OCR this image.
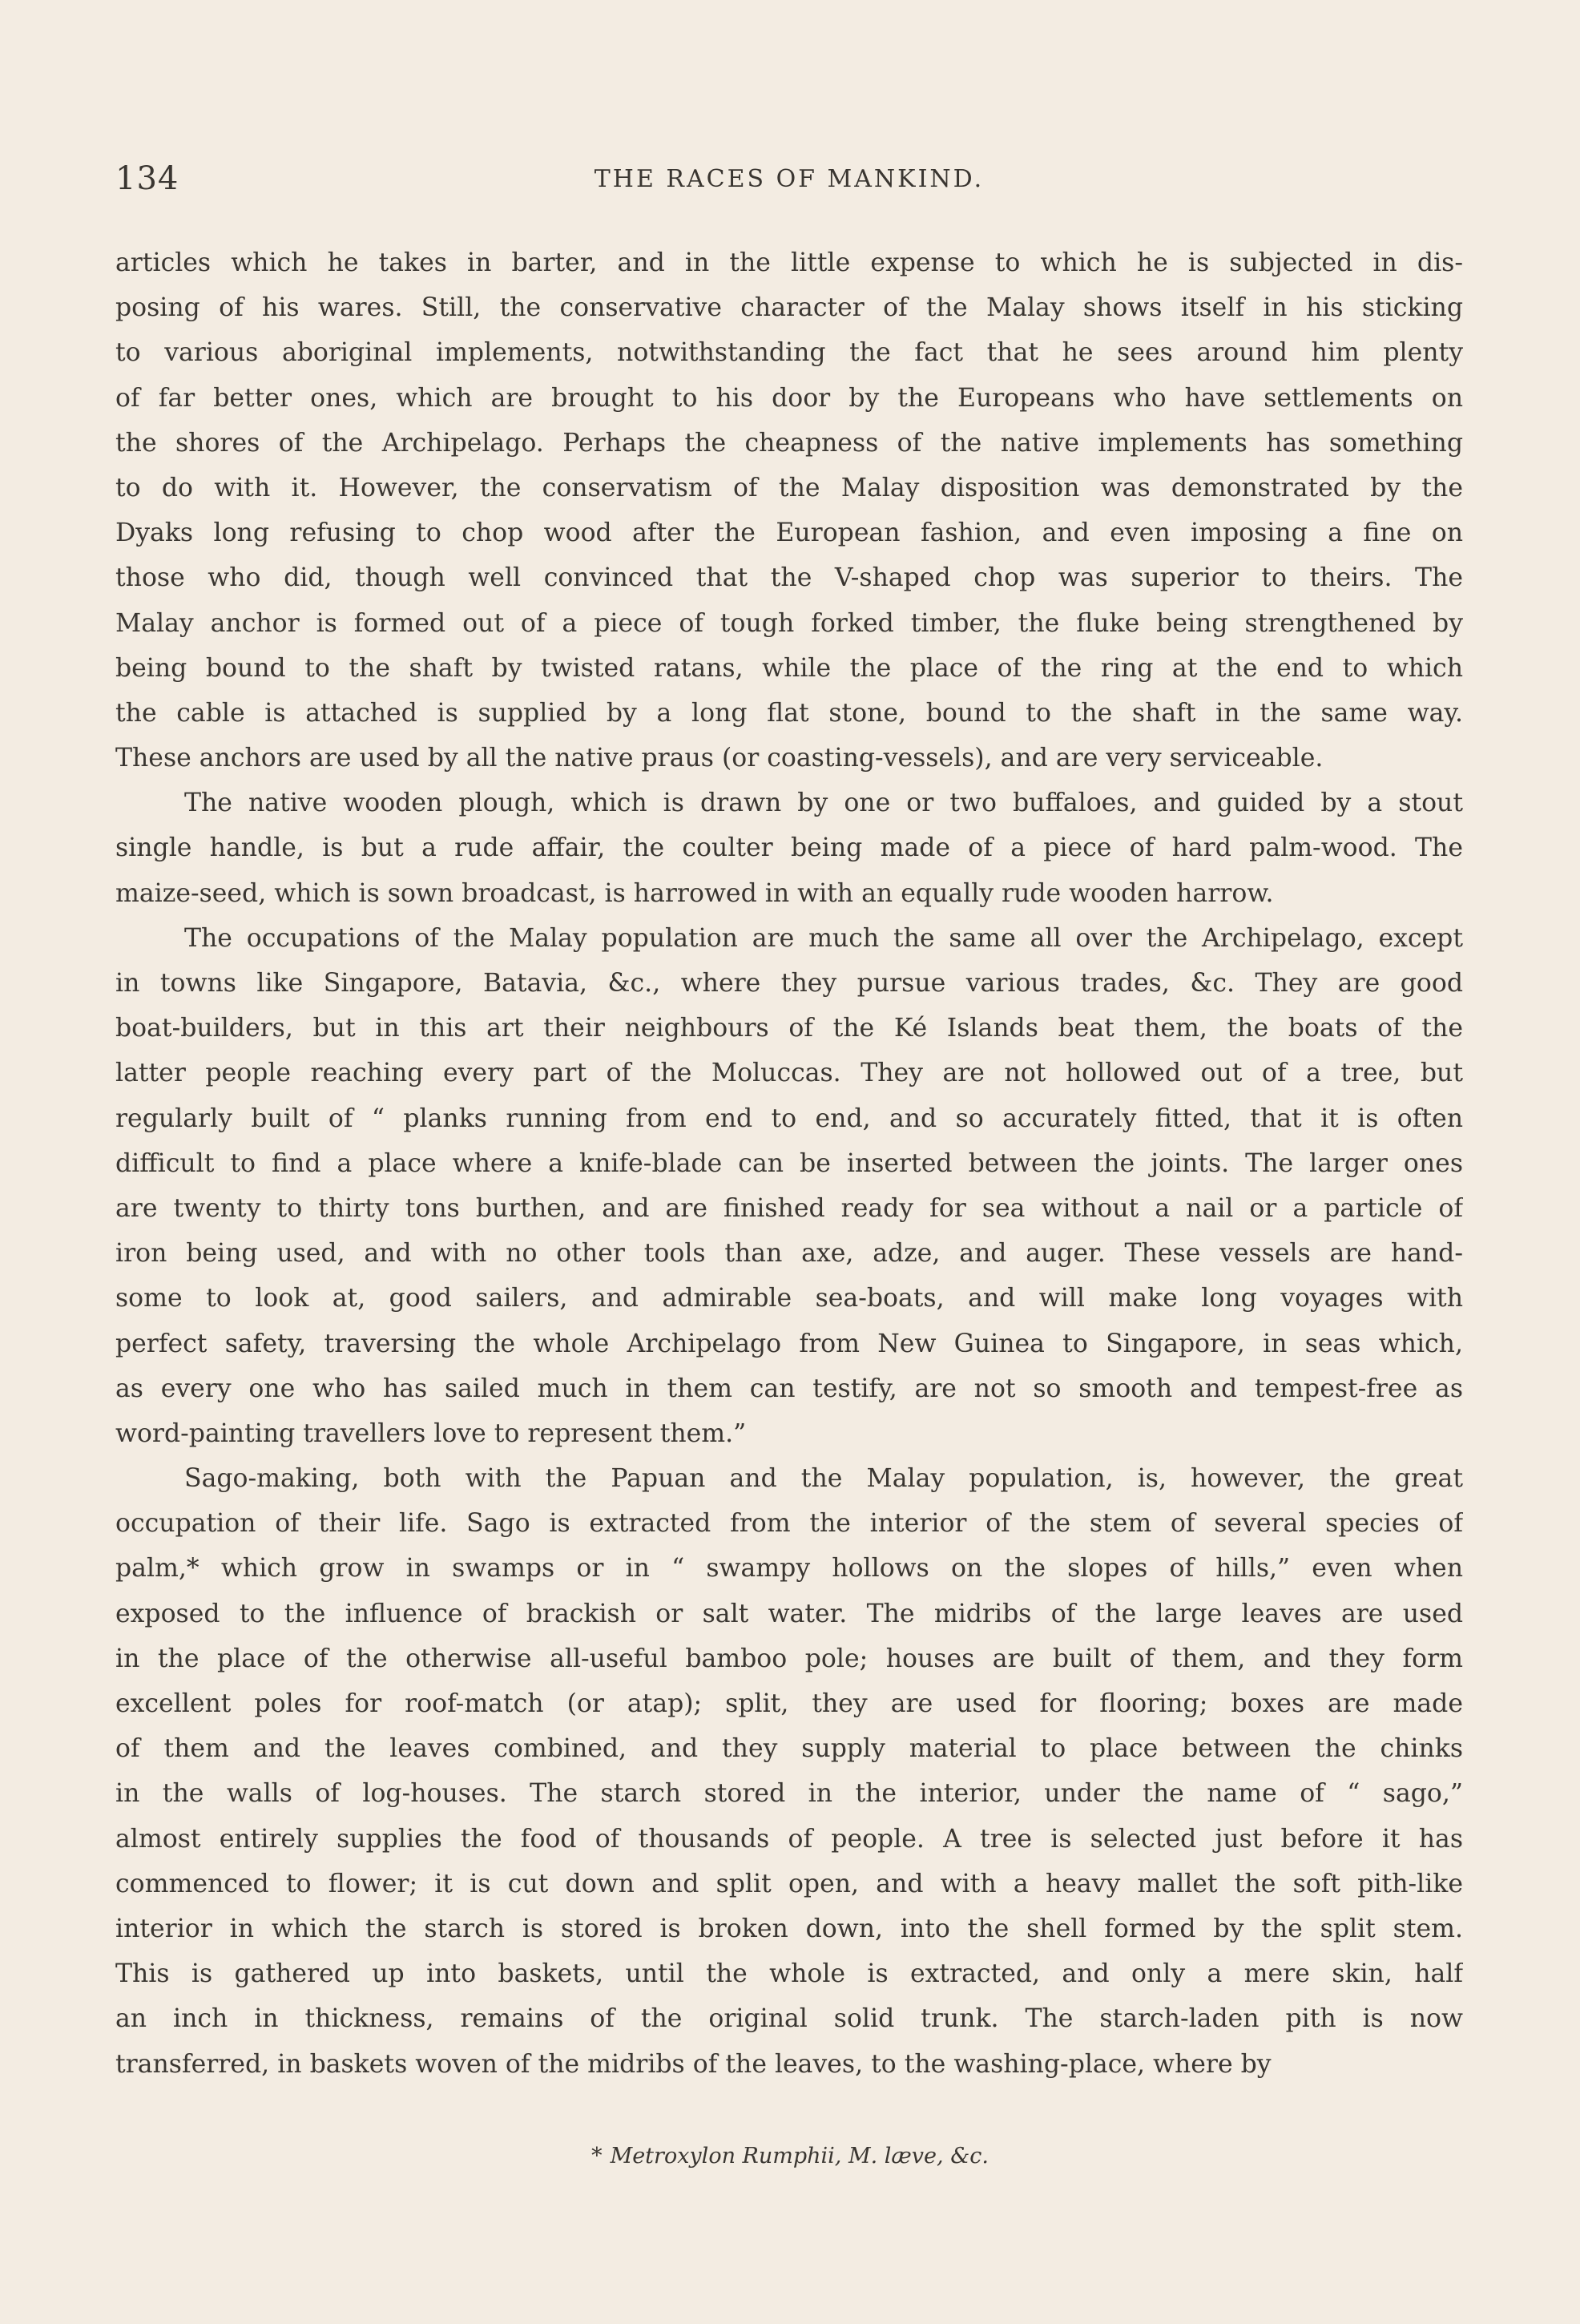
134	THE RACES OF MANKIND.
articles which he takes in barter, and in the little expense to which he is subjected in dis-
posing of his wares. Still, the conservative character of the Malay shows itself in his sticking
to various aboriginal implements, notwithstanding the fact that he sees around him plenty
of far better ones, which are brought to his door by the Europeans who have settlements on
the shores of the Archipelago. Perhaps the cheapness of the native implements has something
to do with it. However, the conservatism of the Malay disposition was demonstrated by the
Dyaks long refusing to chop wood after the European fashion, and even imposing a fine on
those who did, though well convinced that the V-shaped chop was superior to theirs. The
Malay anchor is formed out of a piece of tough forked timber, the fluke being strengthened by
being bound to the shaft by twisted ratans, while the place of the ring at the end to which
the cable is attached is supplied by a long flat stone, bound to the shaft in the same way.
These anchors are used by all the native praus (or coasting-vessels), and are very serviceable.
The native wooden plough, which is drawn by one or two buffaloes, and guided by a stout
single handle, is but a rude affair, the coulter being made of a piece of hard palm-wood. The
maize-seed, which is sown broadcast, is harrowed in with an equally rude wooden harrow.
The occupations of the Malay population are much the same all over the Archipelago, except
in towns like Singapore, Batavia, &c., where they pursue various trades, &c. They are good
boat-builders, but in this art their neighbours of the Ké Islands beat them, the boats of the
latter people reaching every part of the Moluccas. They are not hollowed out of a tree, but
regularly built of “ planks running from end to end, and so accurately fitted, that it is often
difficult to find a place where a knife-blade can be inserted between the joints. The larger ones
are twenty to thirty tons burthen, and are finished ready for sea without a nail or a particle of
iron being used, and with no other tools than axe, adze, and auger. These vessels are hand-
some to look at, good sailers, and admirable sea-boats, and will make long voyages with
perfect safety, traversing the whole Archipelago from New Guinea to Singapore, in seas which,
as every one who has sailed much in them can testify, are not so smooth and tempest-free as
word-painting travellers love to represent them.”
Sago-making, both with the Papuan and the Malay population, is, however, the great
occupation of their life. Sago is extracted from the interior of the stem of several species of
palm,* which grow in swamps or in “ swampy hollows on the slopes of hills,” even when
exposed to the influence of brackish or salt water. The midribs of the large leaves are used
in the place of the otherwise all-useful bamboo pole; houses are built of them, and they form
excellent poles for roof-match (or atap); split, they are used for flooring; boxes are made
of them and the leaves combined, and they supply material to place between the chinks
in the walls of log-houses. The starch stored in the interior, under the name of “ sago,”
almost entirely supplies the food of thousands of people. A tree is selected just before it has
commenced to flower; it is cut down and split open, and with a heavy mallet the soft pith-like
interior in which the starch is stored is broken down, into the shell formed by the split stem.
This is gathered up into baskets, until the whole is extracted, and only a mere skin, half
an inch in thickness, remains of the original solid trunk. The starch-laden pith is now
transferred, in baskets woven of the midribs of the leaves, to the washing-place, where by
* Metroxylon Rumphii, M. læve, &c.
